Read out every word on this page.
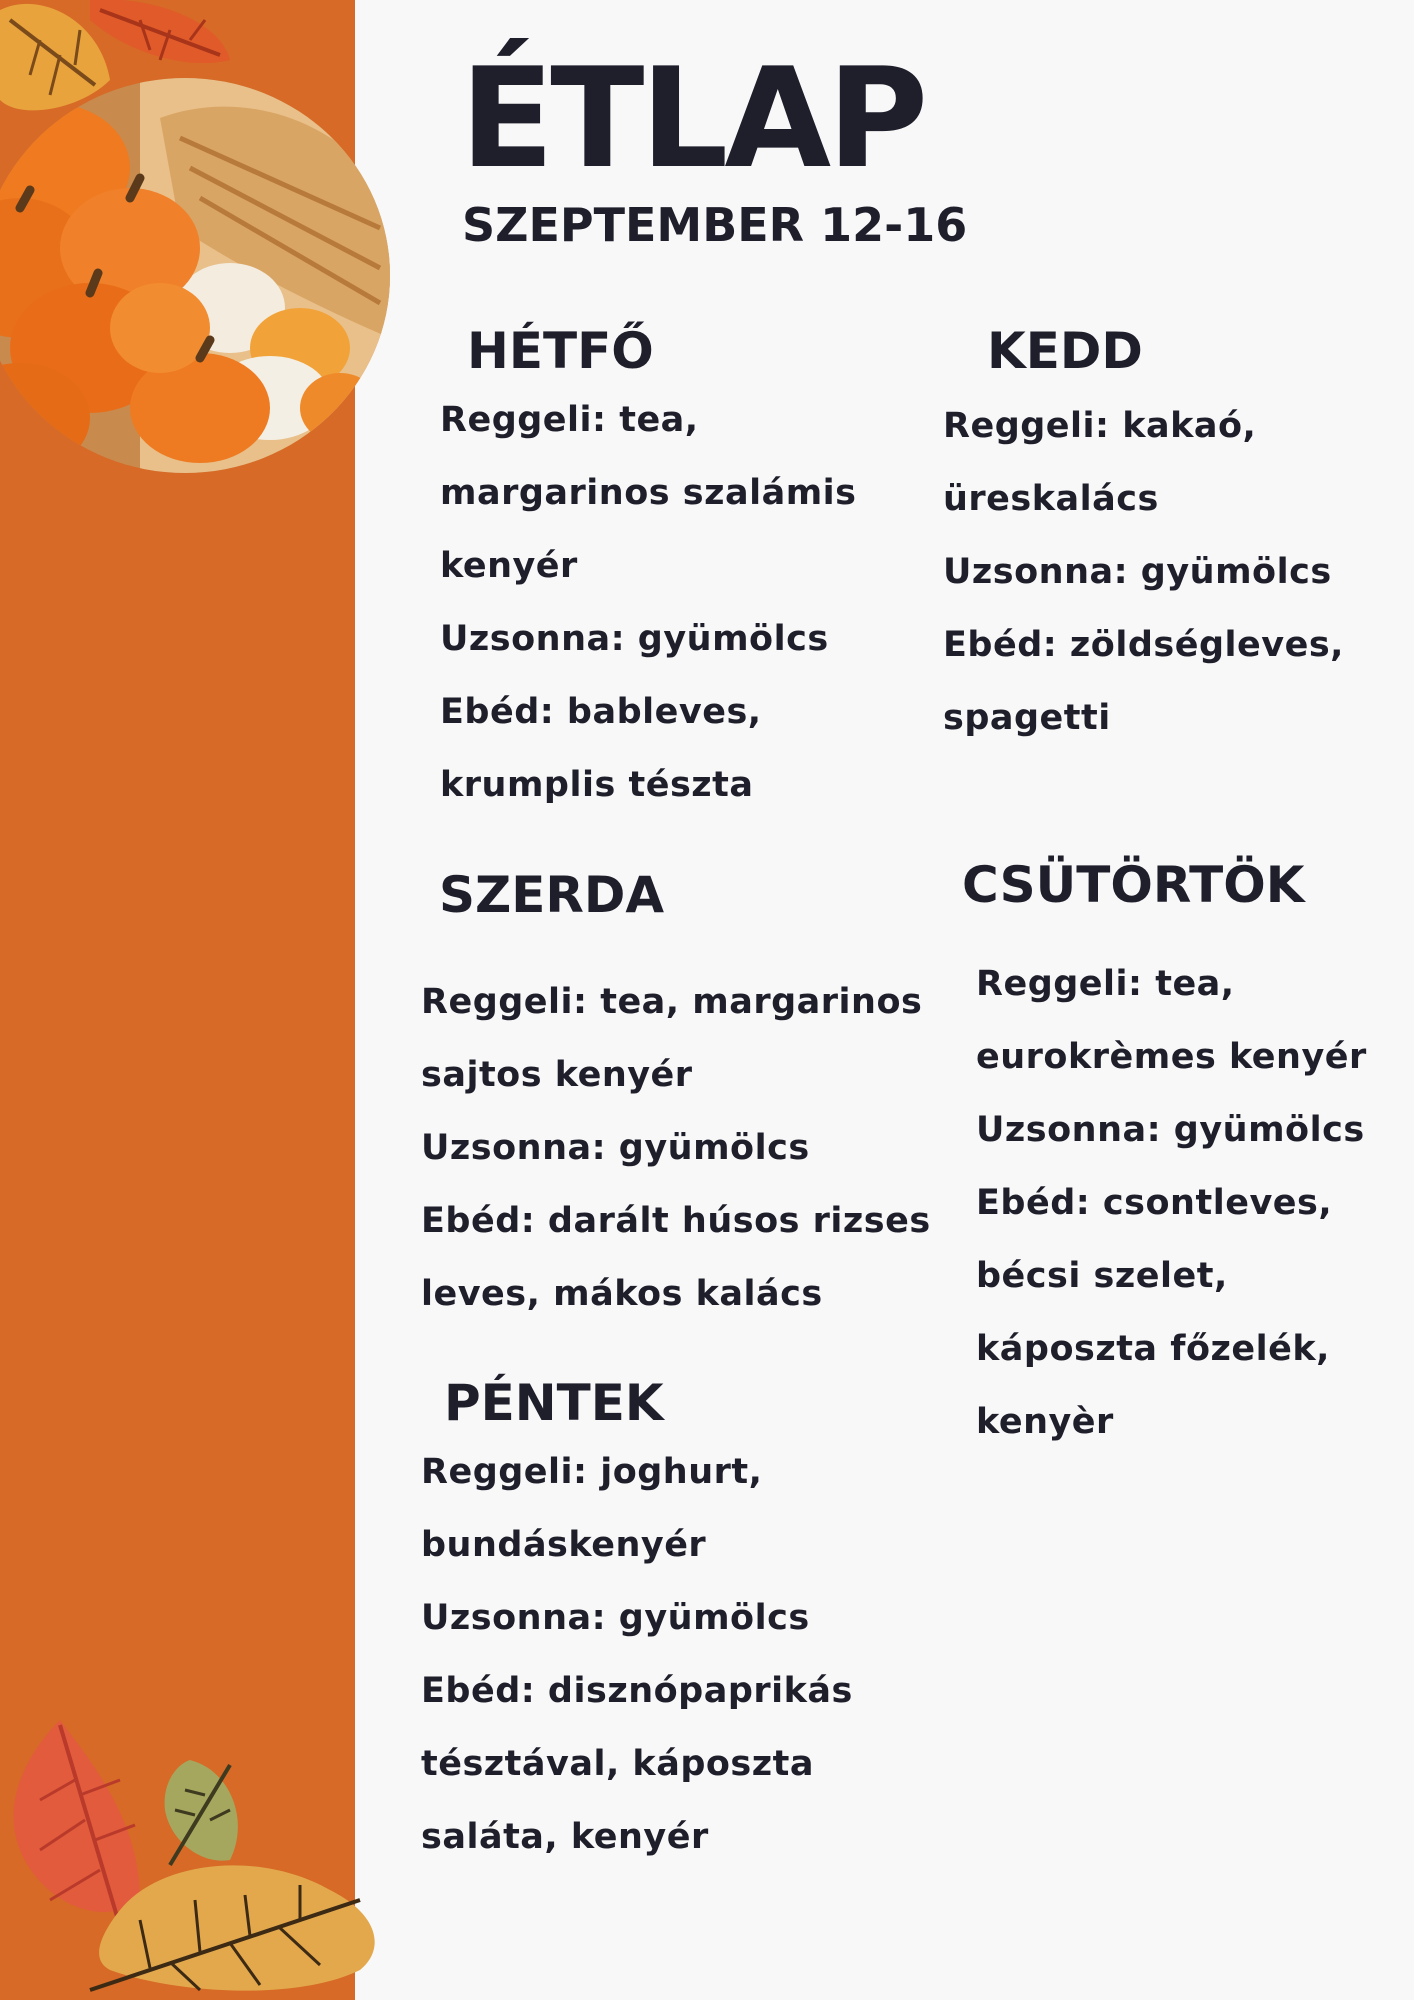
ÉTLAP
SZEPTEMBER 12-16
HÉTFŐ
Reggeli: tea,
margarinos szalámis
kenyér
Uzsonna: gyümölcs
Ebéd: bableves,
krumplis tészta
KEDD
Reggeli: kakaó,
üreskalács
Uzsonna: gyümölcs
Ebéd: zöldségleves,
spagetti
SZERDA
Reggeli: tea, margarinos
sajtos kenyér
Uzsonna: gyümölcs
Ebéd: darált húsos rizses
leves, mákos kalács
CSÜTÖRTÖK
Reggeli: tea,
eurokrèmes kenyér
Uzsonna: gyümölcs
Ebéd: csontleves,
bécsi szelet,
káposzta főzelék,
kenyèr
PÉNTEK
Reggeli: joghurt,
bundáskenyér
Uzsonna: gyümölcs
Ebéd: disznópaprikás
tésztával, káposzta
saláta, kenyér
